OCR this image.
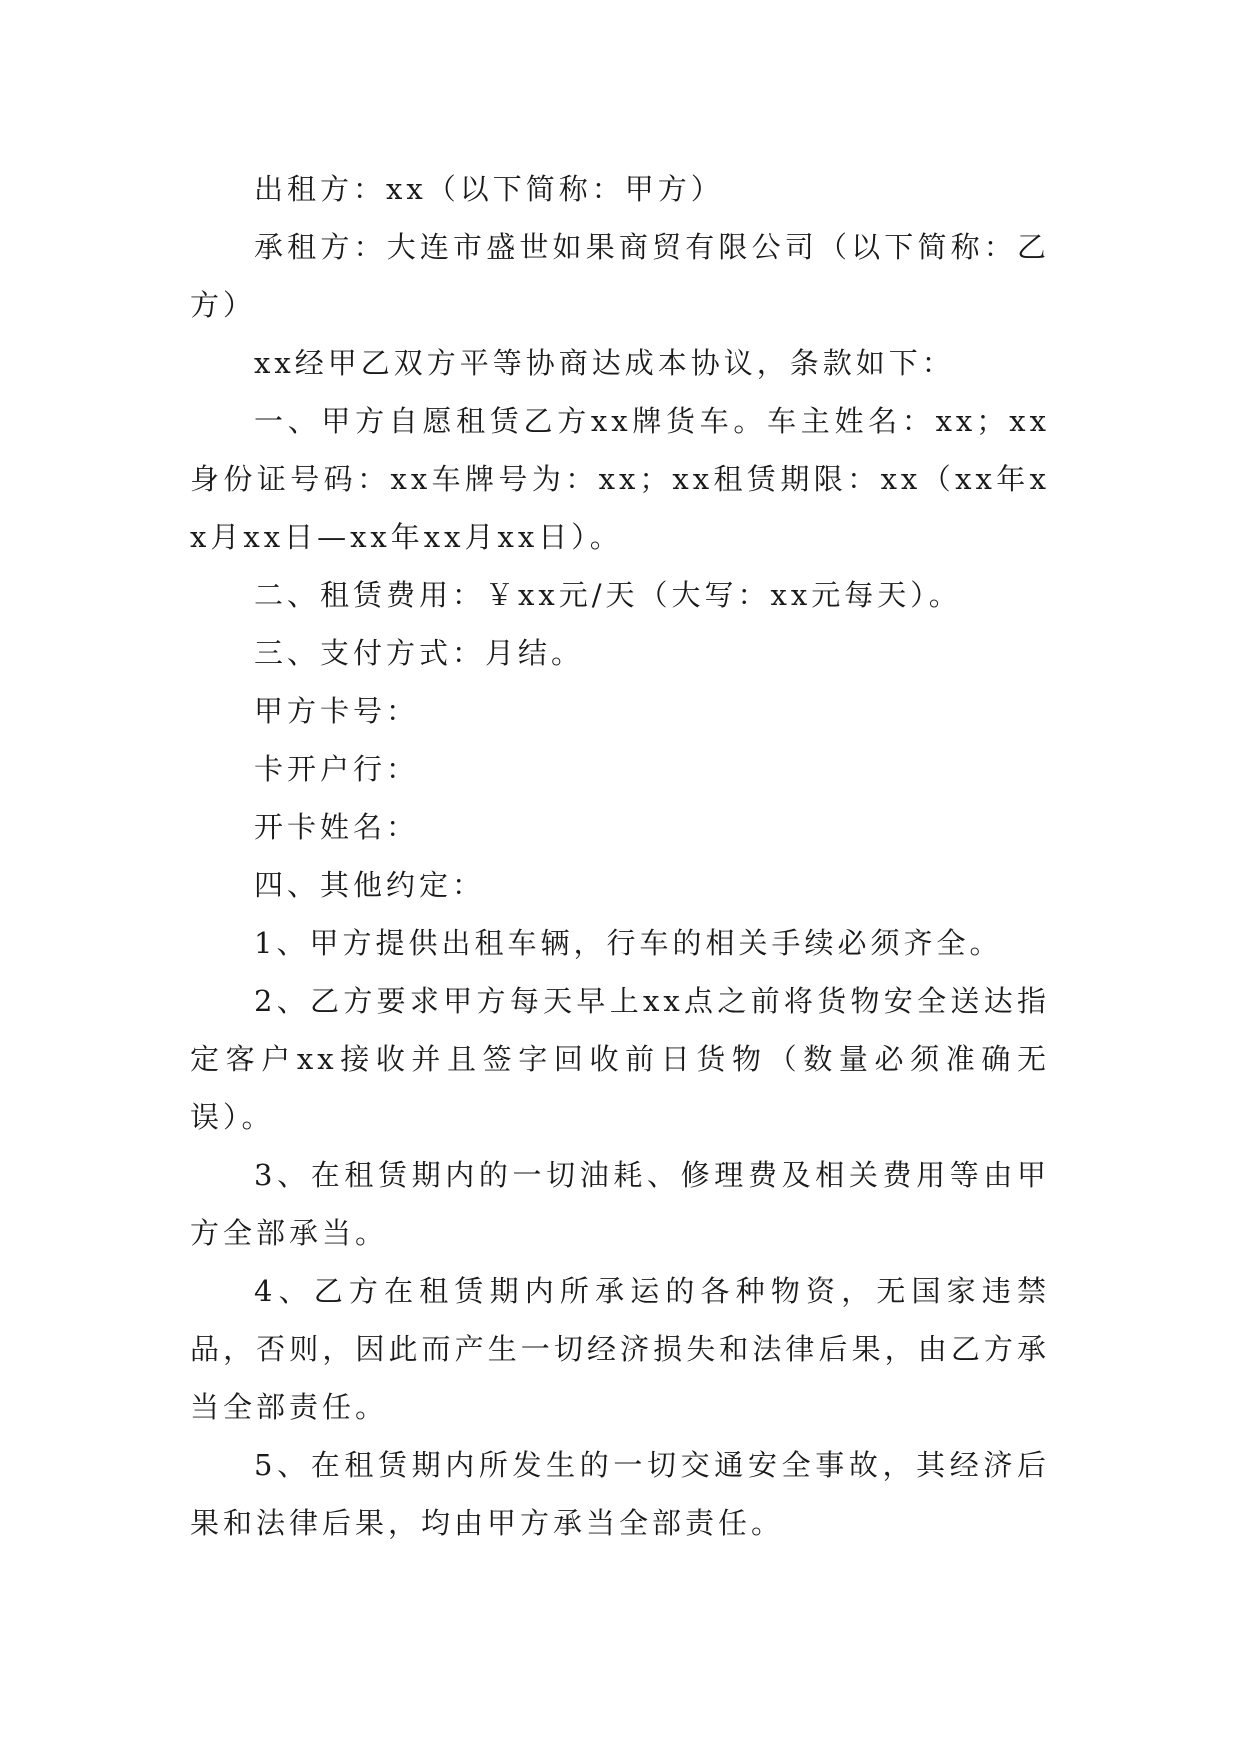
出租方：xx（以下简称：甲方）

承租方：大连市盛世如果商贸有限公司（以下简称：乙方）

xx经甲乙双方平等协商达成本协议，条款如下：

一、甲方自愿租赁乙方xx牌货车。车主姓名：xx；xx身份证号码：xx车牌号为：xx；xx租赁期限：xx（xx年xx月xx日—xx年xx月xx日）。

二、租赁费用：￥xx元/天（大写：xx元每天）。

三、支付方式：月结。

甲方卡号：

卡开户行：

开卡姓名：

四、其他约定：

1、甲方提供出租车辆，行车的相关手续必须齐全。

2、乙方要求甲方每天早上xx点之前将货物安全送达指定客户xx接收并且签字回收前日货物（数量必须准确无误）。

3、在租赁期内的一切油耗、修理费及相关费用等由甲方全部承当。

4、乙方在租赁期内所承运的各种物资，无国家违禁品，否则，因此而产生一切经济损失和法律后果，由乙方承当全部责任。

5、在租赁期内所发生的一切交通安全事故，其经济后果和法律后果，均由甲方承当全部责任。
